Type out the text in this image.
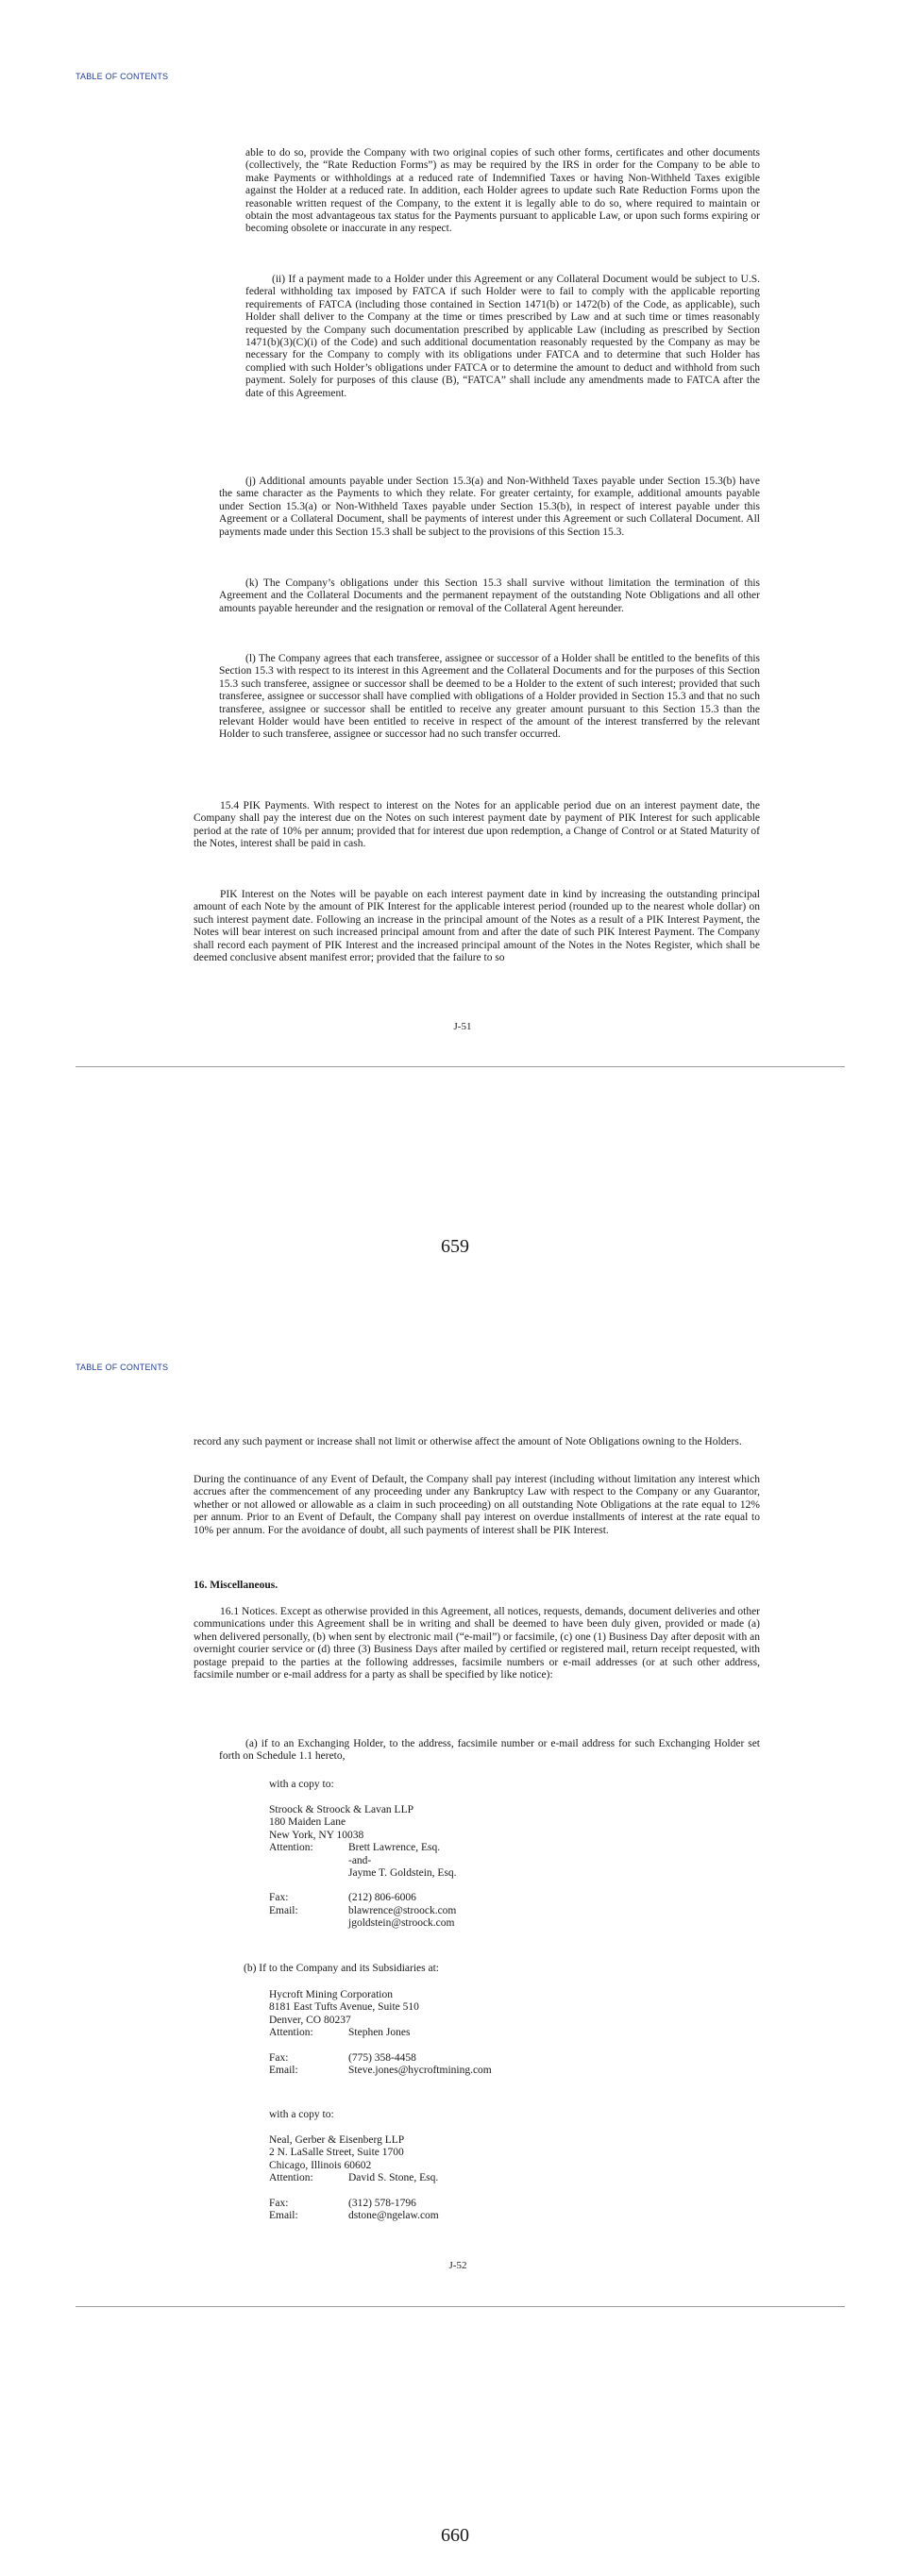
TABLE OF CONTENTS

able to do so, provide the Company with two original copies of such other forms, certificates and other documents (collectively, the “Rate Reduction Forms”) as may be required by the IRS in order for the Company to be able to make Payments or withholdings at a reduced rate of Indemnified Taxes or having Non-Withheld Taxes exigible against the Holder at a reduced rate. In addition, each Holder agrees to update such Rate Reduction Forms upon the reasonable written request of the Company, to the extent it is legally able to do so, where required to maintain or obtain the most advantageous tax status for the Payments pursuant to applicable Law, or upon such forms expiring or becoming obsolete or inaccurate in any respect.

(ii) If a payment made to a Holder under this Agreement or any Collateral Document would be subject to U.S. federal withholding tax imposed by FATCA if such Holder were to fail to comply with the applicable reporting requirements of FATCA (including those contained in Section 1471(b) or 1472(b) of the Code, as applicable), such Holder shall deliver to the Company at the time or times prescribed by Law and at such time or times reasonably requested by the Company such documentation prescribed by applicable Law (including as prescribed by Section 1471(b)(3)(C)(i) of the Code) and such additional documentation reasonably requested by the Company as may be necessary for the Company to comply with its obligations under FATCA and to determine that such Holder has complied with such Holder’s obligations under FATCA or to determine the amount to deduct and withhold from such payment. Solely for purposes of this clause (B), “FATCA” shall include any amendments made to FATCA after the date of this Agreement.

(j) Additional amounts payable under Section 15.3(a) and Non-Withheld Taxes payable under Section 15.3(b) have the same character as the Payments to which they relate. For greater certainty, for example, additional amounts payable under Section 15.3(a) or Non-Withheld Taxes payable under Section 15.3(b), in respect of interest payable under this Agreement or a Collateral Document, shall be payments of interest under this Agreement or such Collateral Document. All payments made under this Section 15.3 shall be subject to the provisions of this Section 15.3.

(k) The Company’s obligations under this Section 15.3 shall survive without limitation the termination of this Agreement and the Collateral Documents and the permanent repayment of the outstanding Note Obligations and all other amounts payable hereunder and the resignation or removal of the Collateral Agent hereunder.

(l) The Company agrees that each transferee, assignee or successor of a Holder shall be entitled to the benefits of this Section 15.3 with respect to its interest in this Agreement and the Collateral Documents and for the purposes of this Section 15.3 such transferee, assignee or successor shall be deemed to be a Holder to the extent of such interest; provided that such transferee, assignee or successor shall have complied with obligations of a Holder provided in Section 15.3 and that no such transferee, assignee or successor shall be entitled to receive any greater amount pursuant to this Section 15.3 than the relevant Holder would have been entitled to receive in respect of the amount of the interest transferred by the relevant Holder to such transferee, assignee or successor had no such transfer occurred.

15.4 PIK Payments. With respect to interest on the Notes for an applicable period due on an interest payment date, the Company shall pay the interest due on the Notes on such interest payment date by payment of PIK Interest for such applicable period at the rate of 10% per annum; provided that for interest due upon redemption, a Change of Control or at Stated Maturity of the Notes, interest shall be paid in cash.

PIK Interest on the Notes will be payable on each interest payment date in kind by increasing the outstanding principal amount of each Note by the amount of PIK Interest for the applicable interest period (rounded up to the nearest whole dollar) on such interest payment date. Following an increase in the principal amount of the Notes as a result of a PIK Interest Payment, the Notes will bear interest on such increased principal amount from and after the date of such PIK Interest Payment. The Company shall record each payment of PIK Interest and the increased principal amount of the Notes in the Notes Register, which shall be deemed conclusive absent manifest error; provided that the failure to so

J-51
659
TABLE OF CONTENTS

record any such payment or increase shall not limit or otherwise affect the amount of Note Obligations owning to the Holders.

During the continuance of any Event of Default, the Company shall pay interest (including without limitation any interest which accrues after the commencement of any proceeding under any Bankruptcy Law with respect to the Company or any Guarantor, whether or not allowed or allowable as a claim in such proceeding) on all outstanding Note Obligations at the rate equal to 12% per annum. Prior to an Event of Default, the Company shall pay interest on overdue installments of interest at the rate equal to 10% per annum. For the avoidance of doubt, all such payments of interest shall be PIK Interest.

16. Miscellaneous.

16.1 Notices. Except as otherwise provided in this Agreement, all notices, requests, demands, document deliveries and other communications under this Agreement shall be in writing and shall be deemed to have been duly given, provided or made (a) when delivered personally, (b) when sent by electronic mail (“e-mail”) or facsimile, (c) one (1) Business Day after deposit with an overnight courier service or (d) three (3) Business Days after mailed by certified or registered mail, return receipt requested, with postage prepaid to the parties at the following addresses, facsimile numbers or e-mail addresses (or at such other address, facsimile number or e-mail address for a party as shall be specified by like notice):

(a) if to an Exchanging Holder, to the address, facsimile number or e-mail address for such Exchanging Holder set forth on Schedule 1.1 hereto,

with a copy to:

Stroock & Stroock & Lavan LLP
180 Maiden Lane
New York, NY 10038
Attention:	Brett Lawrence, Esq.
-and-
Jayme T. Goldstein, Esq.
Fax:	(212) 806-6006
Email:	blawrence@stroock.com
jgoldstein@stroock.com

(b) If to the Company and its Subsidiaries at:

Hycroft Mining Corporation
8181 East Tufts Avenue, Suite 510
Denver, CO 80237
Attention:	Stephen Jones
Fax:	(775) 358-4458
Email:	Steve.jones@hycroftmining.com

with a copy to:

Neal, Gerber & Eisenberg LLP
2 N. LaSalle Street, Suite 1700
Chicago, Illinois 60602
Attention:	David S. Stone, Esq.
Fax:	(312) 578-1796
Email:	dstone@ngelaw.com
J-52
660
